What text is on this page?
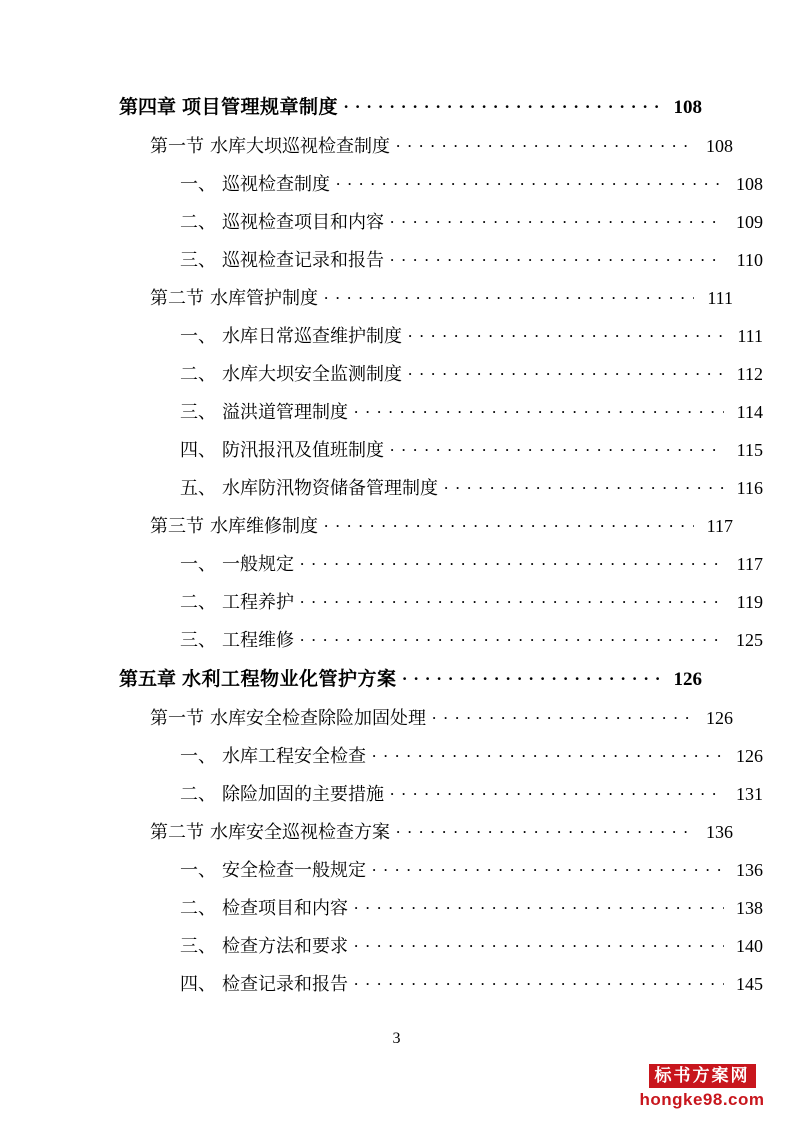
第四章 项目管理规章制度 . . .	108
第一节 水库大坝巡视检查制度 . . .	108
一、 巡视检查制度 . . .	108
二、 巡视检查项目和内容 . . .	109
三、 巡视检查记录和报告 . . .	110
第二节 水库管护制度 . . .	111
一、 水库日常巡查维护制度 . . .	111
二、 水库大坝安全监测制度 . . .	112
三、 溢洪道管理制度 . . .	114
四、 防汛报汛及值班制度 . . .	115
五、 水库防汛物资储备管理制度 . . .	116
第三节 水库维修制度 . . .	117
一、 一般规定 . . .	117
二、 工程养护 . . .	119
三、 工程维修 . . .	125
第五章 水利工程物业化管护方案 . . .	126
第一节 水库安全检查除险加固处理 . . .	126
一、 水库工程安全检查 . . .	126
二、 除险加固的主要措施 . . .	131
第二节 水库安全巡视检查方案 . . .	136
一、 安全检查一般规定 . . .	136
二、 检查项目和内容 . . .	138
三、 检查方法和要求 . . .	140
四、 检查记录和报告 . . .	145
3
标书方案网
hongke98.com
